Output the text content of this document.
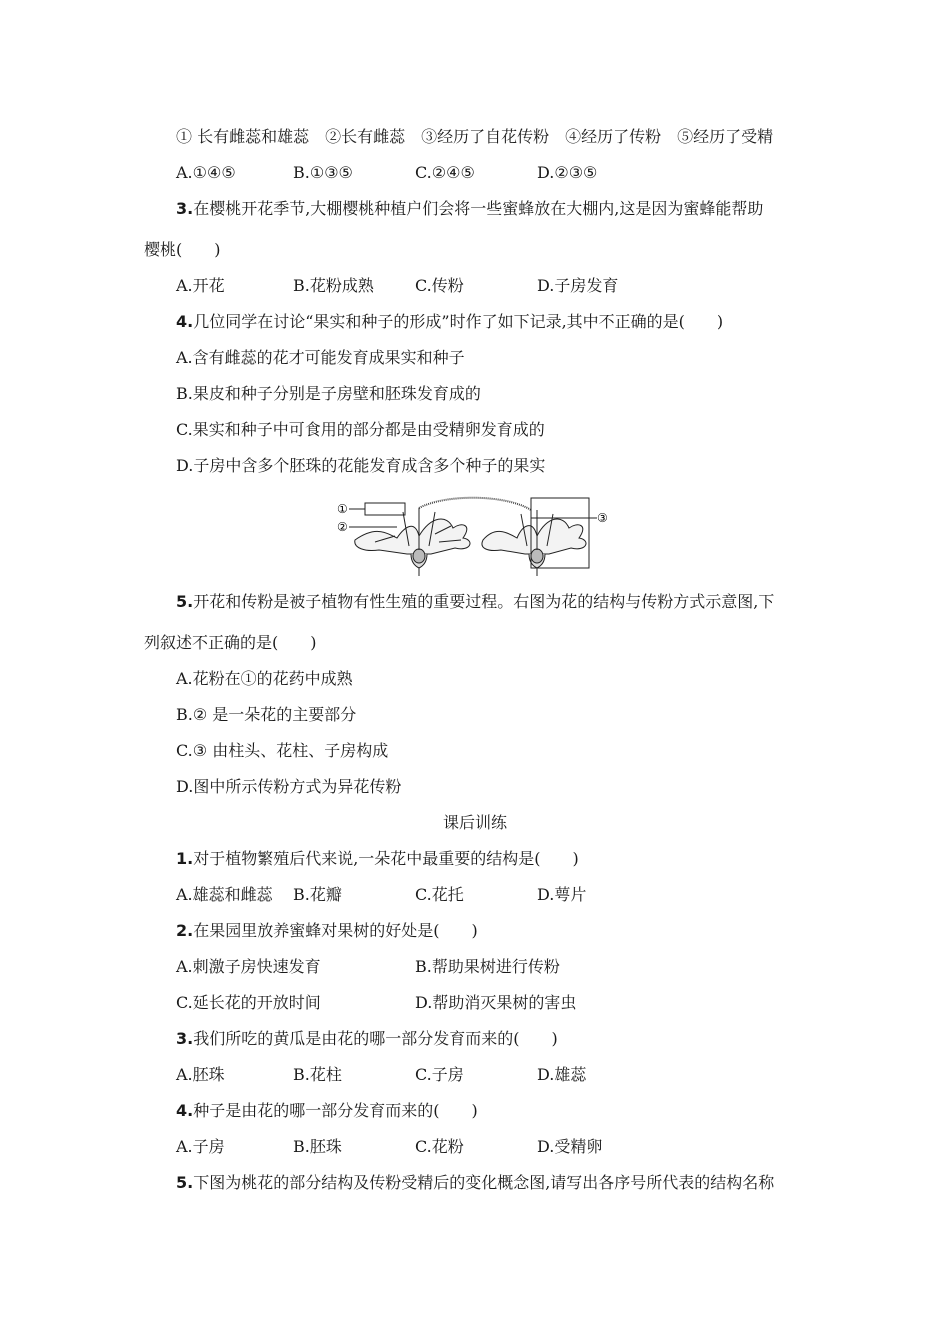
① 长有雌蕊和雄蕊　②长有雌蕊　③经历了自花传粉　④经历了传粉　⑤经历了受精
A.①④⑤	B.①③⑤	C.②④⑤	D.②③⑤
3.在樱桃开花季节,大棚樱桃种植户们会将一些蜜蜂放在大棚内,这是因为蜜蜂能帮助
樱桃(　　)
A.开花	B.花粉成熟	C.传粉	D.子房发育
4.几位同学在讨论“果实和种子的形成”时作了如下记录,其中不正确的是(　　)
A.含有雌蕊的花才可能发育成果实和种子
B.果皮和种子分别是子房壁和胚珠发育成的
C.果实和种子中可食用的部分都是由受精卵发育成的
D.子房中含多个胚珠的花能发育成含多个种子的果实
①
②
③
5.开花和传粉是被子植物有性生殖的重要过程。右图为花的结构与传粉方式示意图,下
列叙述不正确的是(　　)
A.花粉在①的花药中成熟
B.② 是一朵花的主要部分
C.③ 由柱头、花柱、子房构成
D.图中所示传粉方式为异花传粉
课后训练
1.对于植物繁殖后代来说,一朵花中最重要的结构是(　　)
A.雄蕊和雌蕊 B.花瓣	C.花托	D.萼片
2.在果园里放养蜜蜂对果树的好处是(　　)
A.刺激子房快速发育	B.帮助果树进行传粉
C.延长花的开放时间	D.帮助消灭果树的害虫
3.我们所吃的黄瓜是由花的哪一部分发育而来的(　　)
A.胚珠	B.花柱	C.子房	D.雄蕊
4.种子是由花的哪一部分发育而来的(　　)
A.子房	B.胚珠	C.花粉	D.受精卵
5.下图为桃花的部分结构及传粉受精后的变化概念图,请写出各序号所代表的结构名称
